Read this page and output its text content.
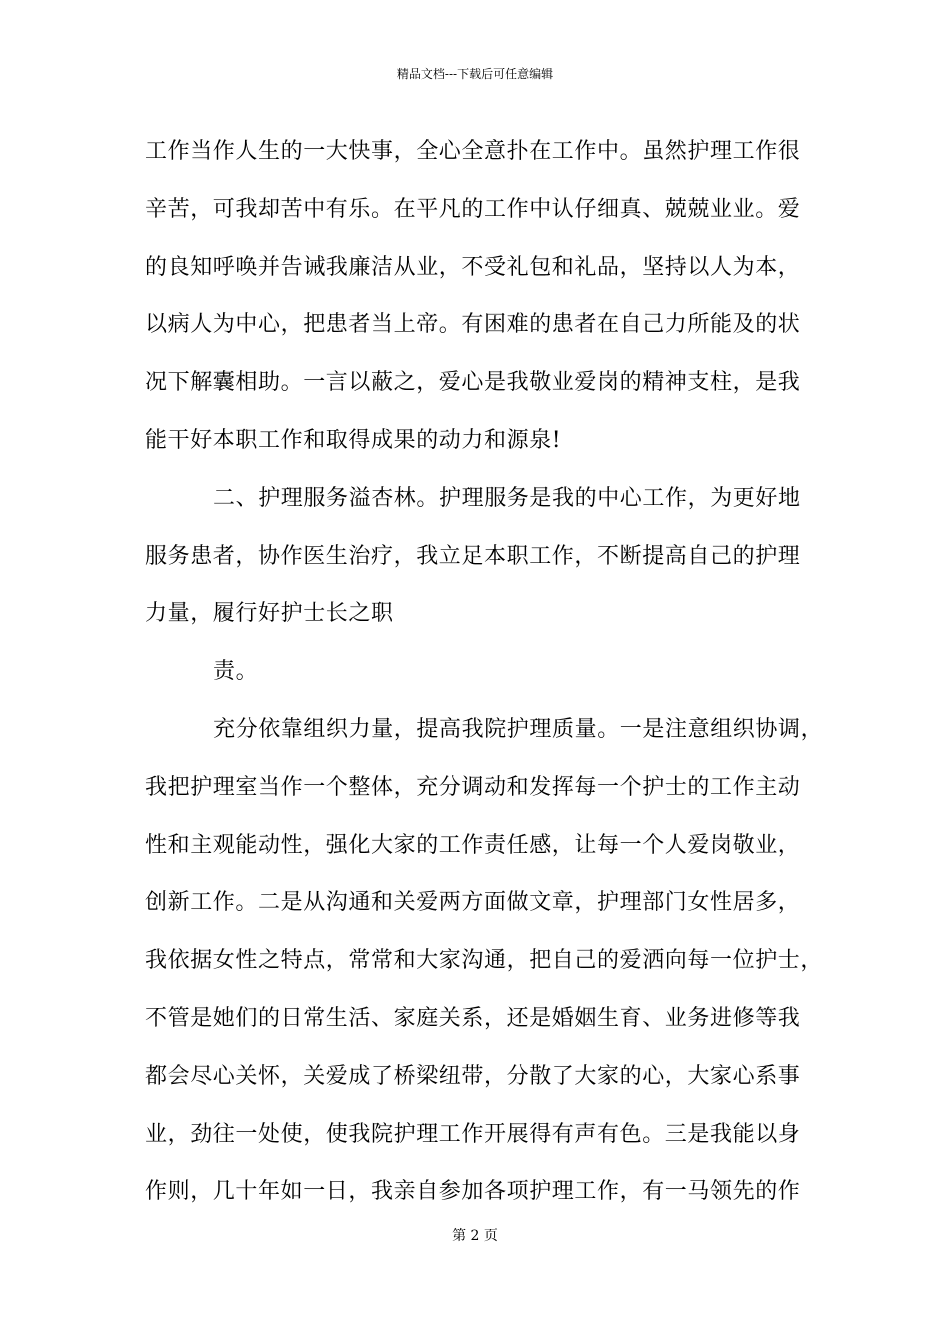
精品文档---下载后可任意编辑
工作当作人生的一大快事，全心全意扑在工作中。虽然护理工作很
辛苦，可我却苦中有乐。在平凡的工作中认仔细真、兢兢业业。爱
的良知呼唤并告诫我廉洁从业，不受礼包和礼品，坚持以人为本，
以病人为中心，把患者当上帝。有困难的患者在自己力所能及的状
况下解囊相助。一言以蔽之，爱心是我敬业爱岗的精神支柱，是我
能干好本职工作和取得成果的动力和源泉!
二、护理服务溢杏林。护理服务是我的中心工作，为更好地
服务患者，协作医生治疗，我立足本职工作，不断提高自己的护理
力量，履行好护士长之职
责。
充分依靠组织力量，提高我院护理质量。一是注意组织协调，
我把护理室当作一个整体，充分调动和发挥每一个护士的工作主动
性和主观能动性，强化大家的工作责任感，让每一个人爱岗敬业，
创新工作。二是从沟通和关爱两方面做文章，护理部门女性居多，
我依据女性之特点，常常和大家沟通，把自己的爱洒向每一位护士，
不管是她们的日常生活、家庭关系，还是婚姻生育、业务进修等我
都会尽心关怀，关爱成了桥梁纽带，分散了大家的心，大家心系事
业，劲往一处使，使我院护理工作开展得有声有色。三是我能以身
作则，几十年如一日，我亲自参加各项护理工作，有一马领先的作
第 2 页
